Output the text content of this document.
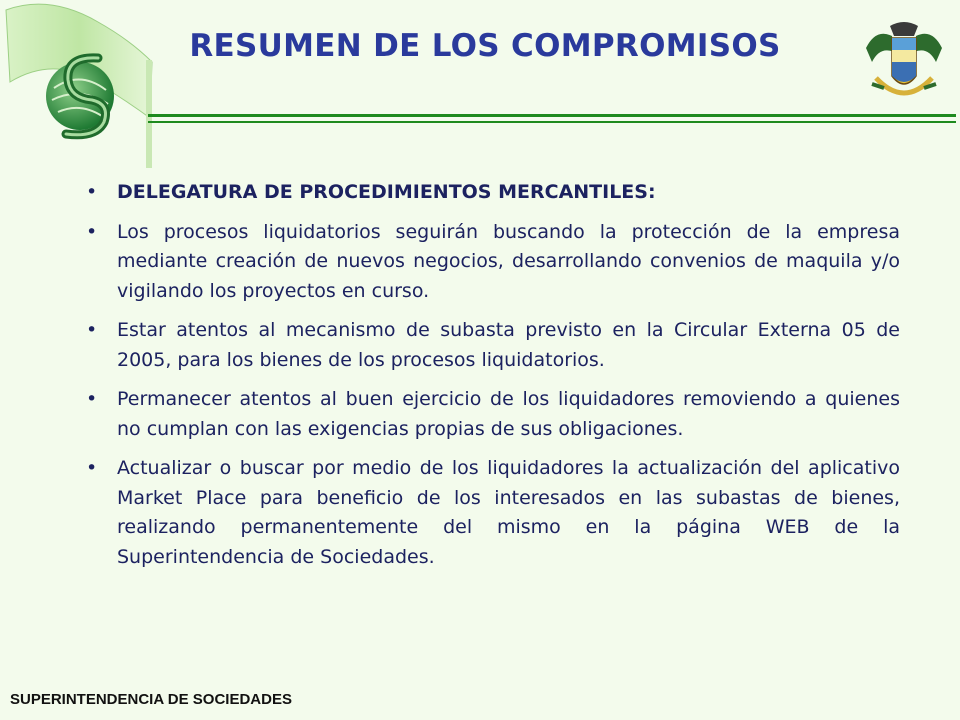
RESUMEN DE LOS COMPROMISOS
• DELEGATURA DE PROCEDIMIENTOS MERCANTILES:
• Los procesos liquidatorios seguirán buscando la protección de la empresa mediante creación de nuevos negocios, desarrollando convenios de maquila y/o vigilando los proyectos en curso.
• Estar atentos al mecanismo de subasta previsto en la Circular Externa 05 de 2005, para los bienes de los procesos liquidatorios.
• Permanecer atentos al buen ejercicio de los liquidadores removiendo a quienes no cumplan con las exigencias propias de sus obligaciones.
• Actualizar o buscar por medio de los liquidadores la actualización del aplicativo Market Place para beneficio de los interesados en las subastas de bienes, realizando permanentemente del mismo en la página WEB de la Superintendencia de Sociedades.
SUPERINTENDENCIA DE SOCIEDADES
